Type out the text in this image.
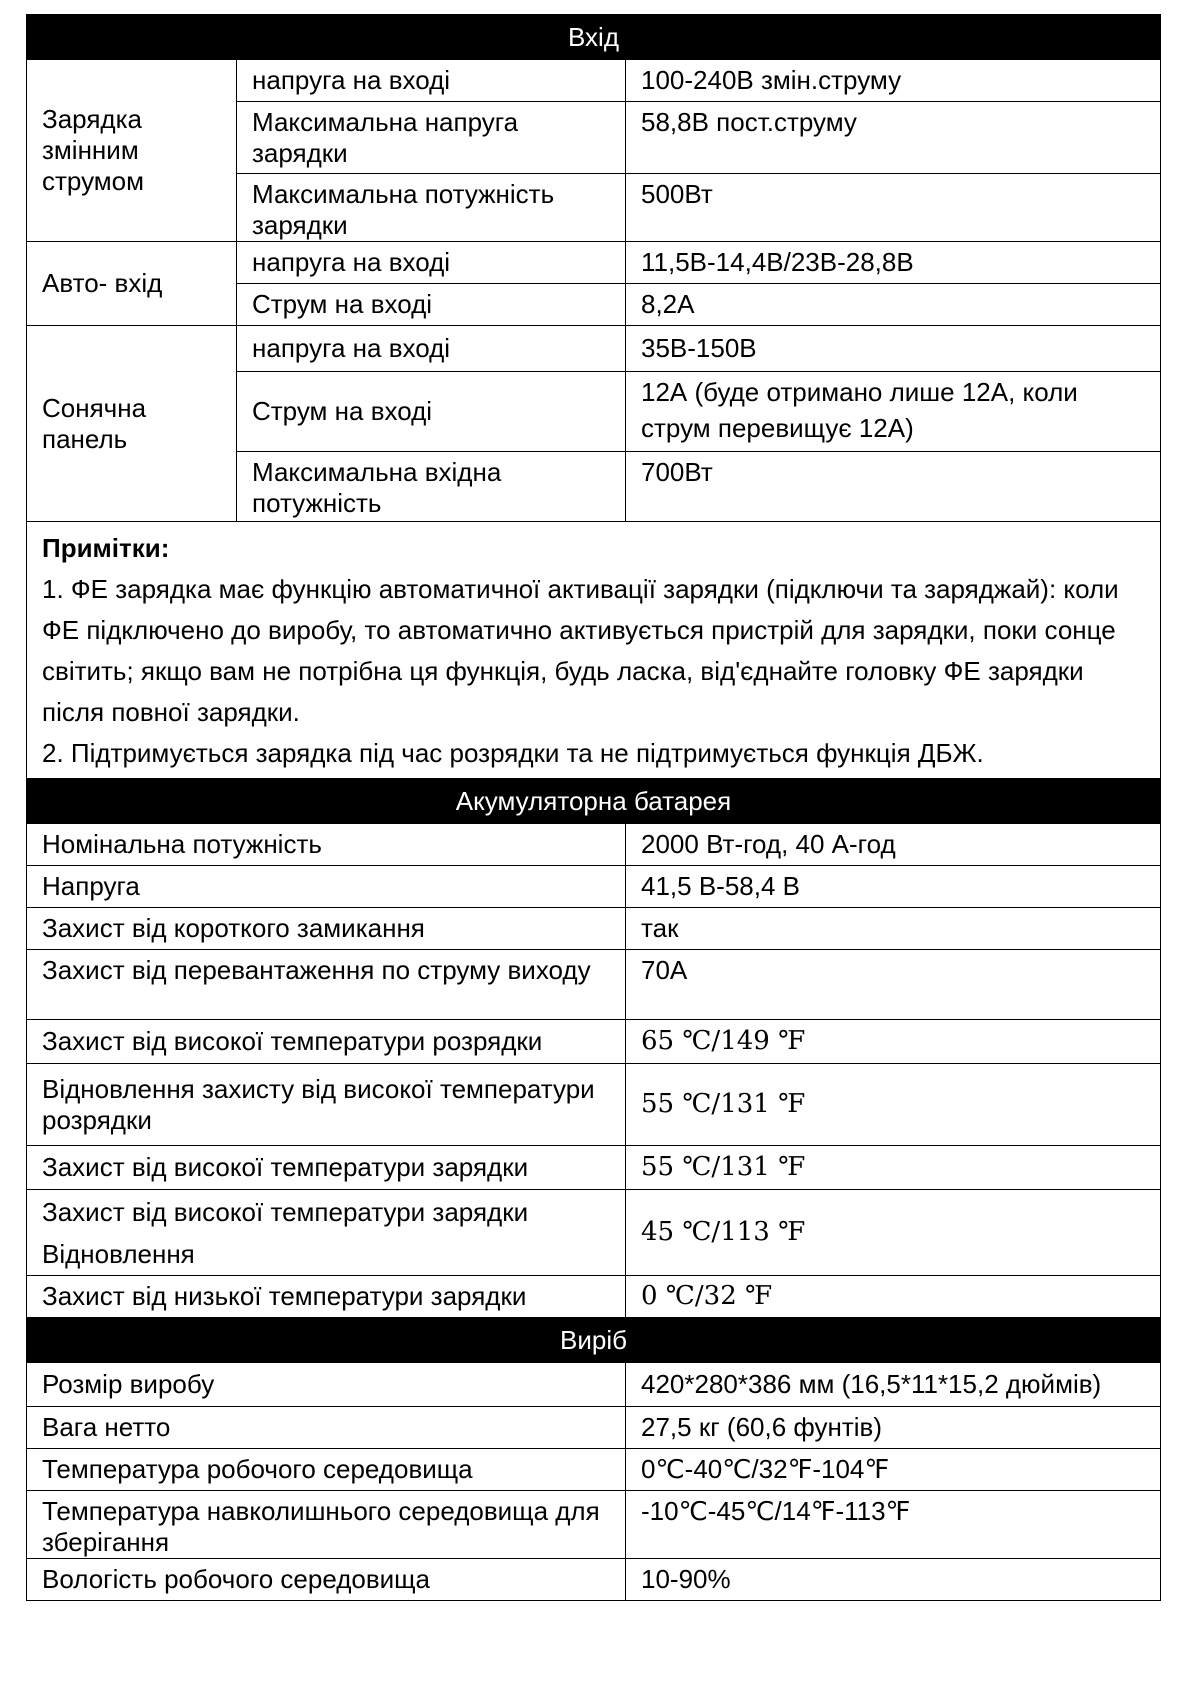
Вхід		
Зарядка змінним струмом	напруга на вході	100-240В змін.струму
	Максимальна напруга зарядки	58,8В пост.струму
	Максимальна потужність зарядки	500Вт
Авто- вхід	напруга на вході	11,5В-14,4В/23В-28,8В
	Струм на вході	8,2А
Сонячна панель	напруга на вході	35В-150В
	Струм на вході	12А (буде отримано лише 12А, коли струм перевищує 12А)
	Максимальна вхідна потужність	700Вт

Примітки:
1. ФЕ зарядка має функцію автоматичної активації зарядки (підключи та заряджай): коли ФЕ підключено до виробу, то автоматично активується пристрій для зарядки, поки сонце світить; якщо вам не потрібна ця функція, будь ласка, від'єднайте головку ФЕ зарядки після повної зарядки.
2. Підтримується зарядка під час розрядки та не підтримується функція ДБЖ.		

Акумуляторна батарея		
Номінальна потужність		2000 Вт-год, 40 А-год
Напруга		41,5 В-58,4 В
Захист від короткого замикання		так
Захист від перевантаження по струму виходу		70А
Захист від високої температури розрядки		65 ℃/149 ℉
Відновлення захисту від високої температури розрядки		55 ℃/131 ℉
Захист від високої температури зарядки		55 ℃/131 ℉
Захист від високої температури зарядки Відновлення		45 ℃/113 ℉
Захист від низької температури зарядки		0 ℃/32 ℉
Виріб		
Розмір виробу		420*280*386 мм (16,5*11*15,2 дюймів)
Вага нетто		27,5 кг (60,6 фунтів)
Температура робочого середовища		0℃-40℃/32℉-104℉
Температура навколишнього середовища для зберігання		-10℃-45℃/14℉-113℉
Вологість робочого середовища		10-90%
